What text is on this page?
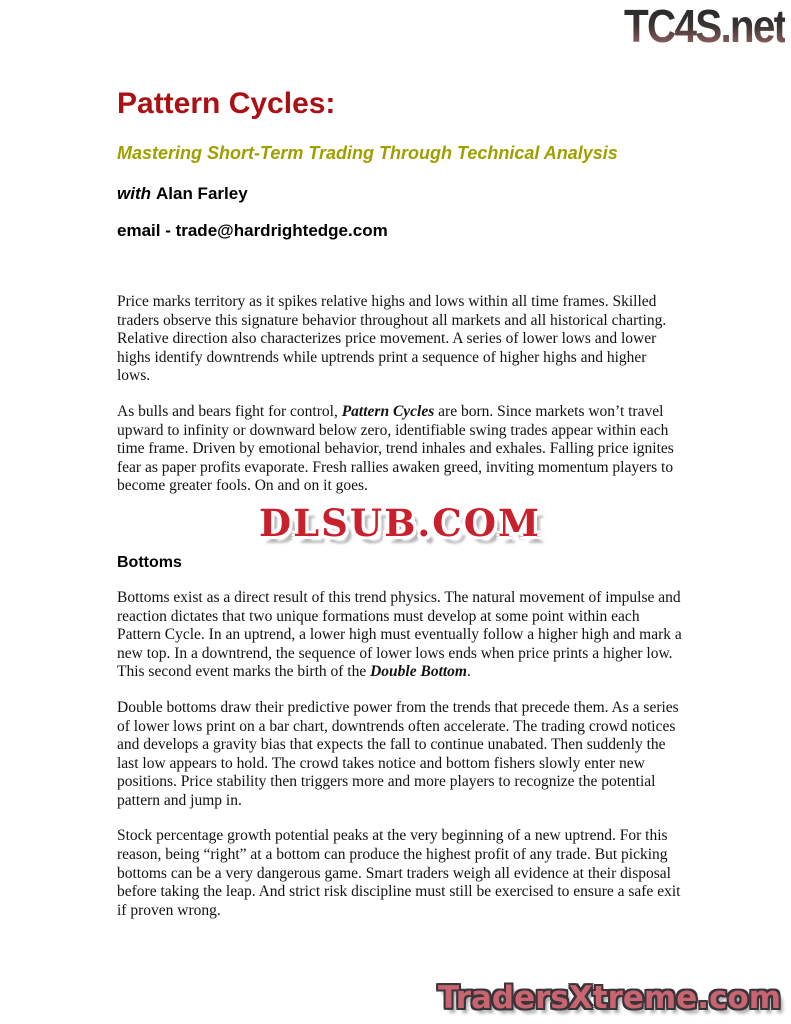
TC4S.net
Pattern Cycles:
Mastering Short-Term Trading Through Technical Analysis

with Alan Farley

email - trade@hardrightedge.com

Price marks territory as it spikes relative highs and lows within all time frames. Skilled traders observe this signature behavior throughout all markets and all historical charting. Relative direction also characterizes price movement. A series of lower lows and lower highs identify downtrends while uptrends print a sequence of higher highs and higher lows.

As bulls and bears fight for control, Pattern Cycles are born. Since markets won’t travel upward to infinity or downward below zero, identifiable swing trades appear within each time frame. Driven by emotional behavior, trend inhales and exhales. Falling price ignites fear as paper profits evaporate. Fresh rallies awaken greed, inviting momentum players to become greater fools. On and on it goes.

DLSUB.COM
Bottoms

Bottoms exist as a direct result of this trend physics. The natural movement of impulse and reaction dictates that two unique formations must develop at some point within each Pattern Cycle. In an uptrend, a lower high must eventually follow a higher high and mark a new top. In a downtrend, the sequence of lower lows ends when price prints a higher low. This second event marks the birth of the Double Bottom.

Double bottoms draw their predictive power from the trends that precede them. As a series of lower lows print on a bar chart, downtrends often accelerate. The trading crowd notices and develops a gravity bias that expects the fall to continue unabated. Then suddenly the last low appears to hold. The crowd takes notice and bottom fishers slowly enter new positions. Price stability then triggers more and more players to recognize the potential pattern and jump in.

Stock percentage growth potential peaks at the very beginning of a new uptrend. For this reason, being “right” at a bottom can produce the highest profit of any trade. But picking bottoms can be a very dangerous game. Smart traders weigh all evidence at their disposal before taking the leap. And strict risk discipline must still be exercised to ensure a safe exit if proven wrong.

TradersXtreme.com
